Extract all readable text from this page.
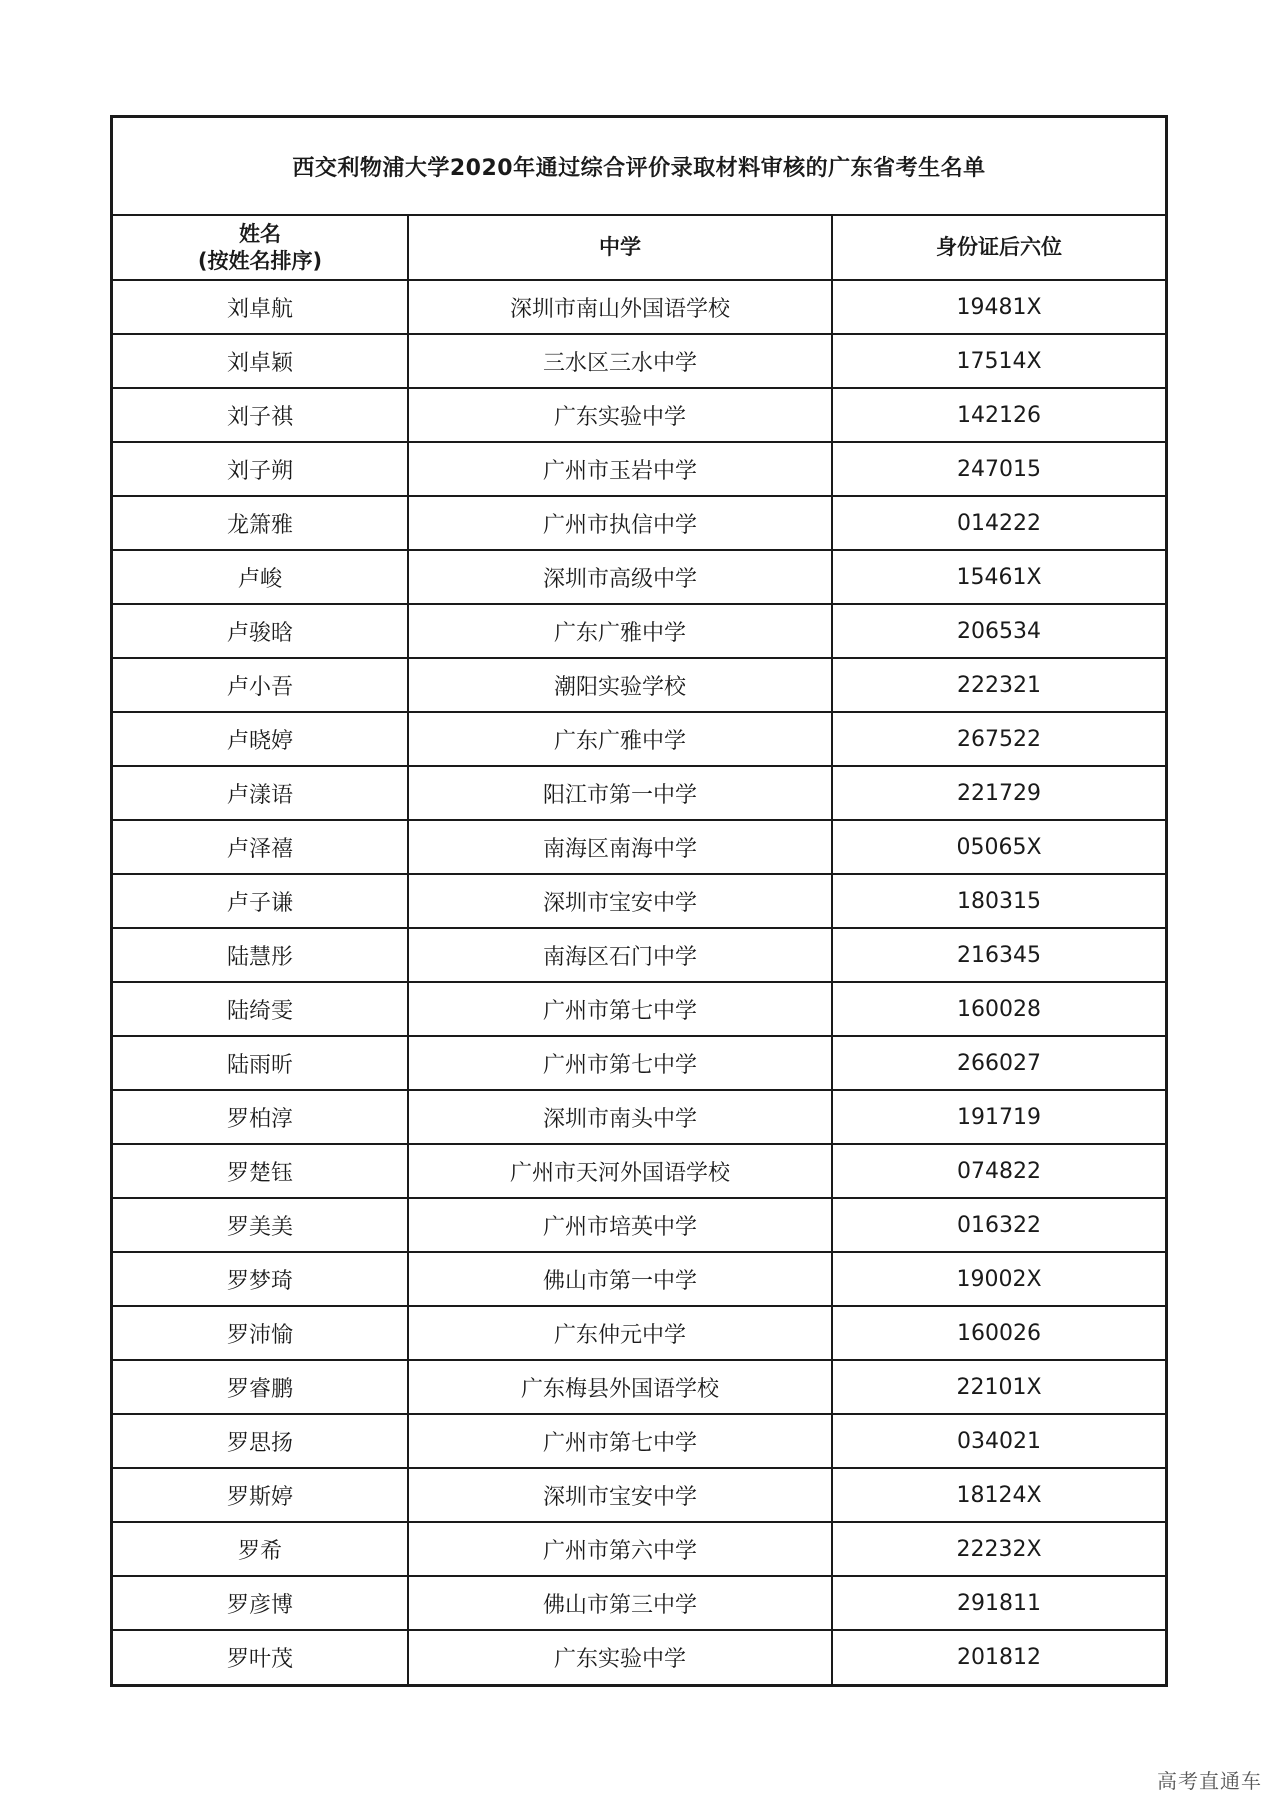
西交利物浦大学2020年通过综合评价录取材料审核的广东省考生名单
姓名
(按姓名排序)	中学	身份证后六位
刘卓航	深圳市南山外国语学校	19481X
刘卓颖	三水区三水中学	17514X
刘子祺	广东实验中学	142126
刘子朔	广州市玉岩中学	247015
龙箫雅	广州市执信中学	014222
卢峻	深圳市高级中学	15461X
卢骏晗	广东广雅中学	206534
卢小吾	潮阳实验学校	222321
卢晓婷	广东广雅中学	267522
卢漾语	阳江市第一中学	221729
卢泽禧	南海区南海中学	05065X
卢子谦	深圳市宝安中学	180315
陆慧彤	南海区石门中学	216345
陆绮雯	广州市第七中学	160028
陆雨昕	广州市第七中学	266027
罗柏淳	深圳市南头中学	191719
罗楚钰	广州市天河外国语学校	074822
罗美美	广州市培英中学	016322
罗梦琦	佛山市第一中学	19002X
罗沛愉	广东仲元中学	160026
罗睿鹏	广东梅县外国语学校	22101X
罗思扬	广州市第七中学	034021
罗斯婷	深圳市宝安中学	18124X
罗希	广州市第六中学	22232X
罗彦博	佛山市第三中学	291811
罗叶茂	广东实验中学	201812
高考直通车
